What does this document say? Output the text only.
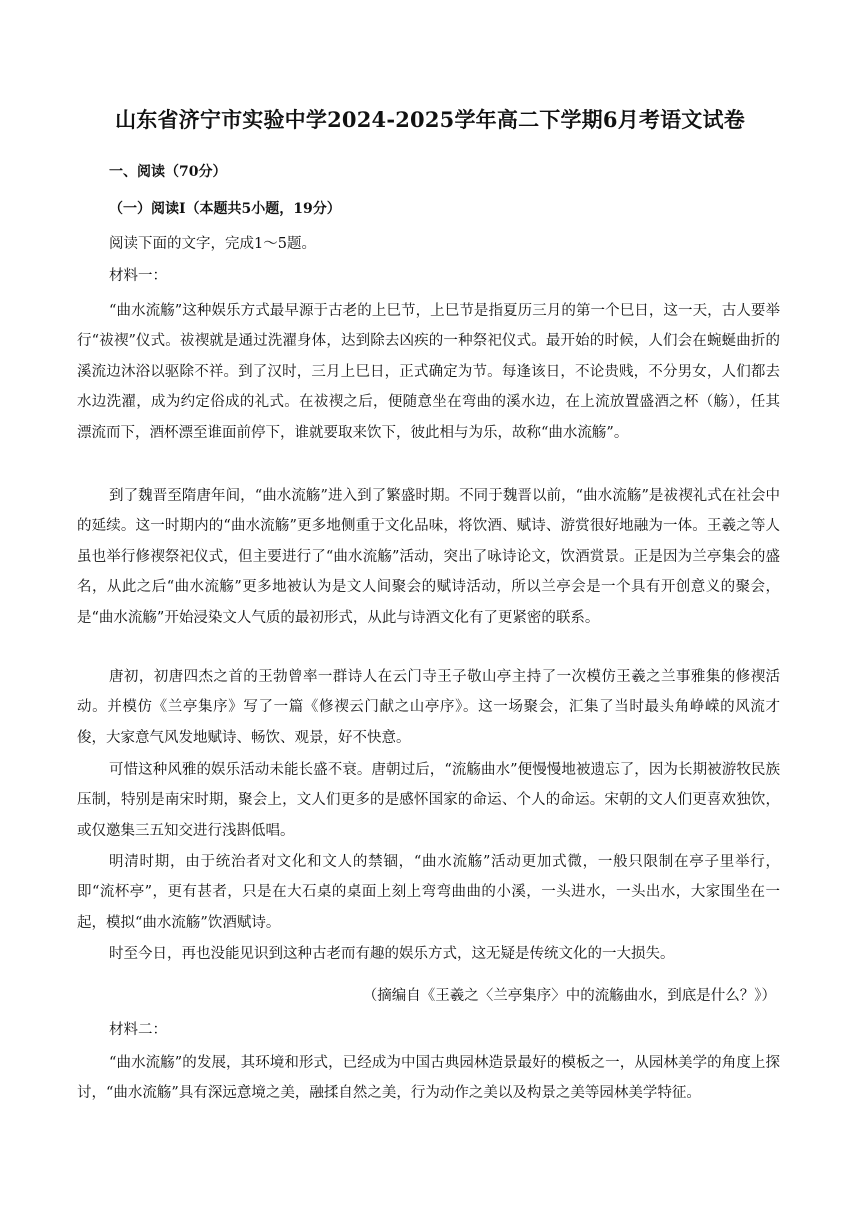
山东省济宁市实验中学2024-2025学年高二下学期6月考语文试卷
一、阅读（70分）
（一）阅读Ⅰ（本题共5小题，19分）
阅读下面的文字，完成1～5题。
材料一：

“曲水流觞”这种娱乐方式最早源于古老的上巳节，上巳节是指夏历三月的第一个巳日，这一天，古人要举行“祓禊”仪式。祓禊就是通过洗濯身体，达到除去凶疾的一种祭祀仪式。最开始的时候，人们会在蜿蜒曲折的溪流边沐浴以驱除不祥。到了汉时，三月上巳日，正式确定为节。每逢该日，不论贵贱，不分男女，人们都去水边洗濯，成为约定俗成的礼式。在祓禊之后，便随意坐在弯曲的溪水边，在上流放置盛酒之杯（觞），任其漂流而下，酒杯漂至谁面前停下，谁就要取来饮下，彼此相与为乐，故称“曲水流觞”。

到了魏晋至隋唐年间，“曲水流觞”进入到了繁盛时期。不同于魏晋以前，“曲水流觞”是祓禊礼式在社会中的延续。这一时期内的“曲水流觞”更多地侧重于文化品味，将饮酒、赋诗、游赏很好地融为一体。王羲之等人虽也举行修禊祭祀仪式，但主要进行了“曲水流觞”活动，突出了咏诗论文，饮酒赏景。正是因为兰亭集会的盛名，从此之后“曲水流觞”更多地被认为是文人间聚会的赋诗活动，所以兰亭会是一个具有开创意义的聚会，是“曲水流觞”开始浸染文人气质的最初形式，从此与诗酒文化有了更紧密的联系。

唐初，初唐四杰之首的王勃曾率一群诗人在云门寺王子敬山亭主持了一次模仿王羲之兰事雅集的修禊活动。并模仿《兰亭集序》写了一篇《修禊云门献之山亭序》。这一场聚会，汇集了当时最头角峥嵘的风流才俊，大家意气风发地赋诗、畅饮、观景，好不快意。

可惜这种风雅的娱乐活动未能长盛不衰。唐朝过后，“流觞曲水”便慢慢地被遗忘了，因为长期被游牧民族压制，特别是南宋时期，聚会上，文人们更多的是感怀国家的命运、个人的命运。宋朝的文人们更喜欢独饮，或仅邀集三五知交进行浅斟低唱。

明清时期，由于统治者对文化和文人的禁锢，“曲水流觞”活动更加式微，一般只限制在亭子里举行，即“流杯亭”，更有甚者，只是在大石桌的桌面上刻上弯弯曲曲的小溪，一头进水，一头出水，大家围坐在一起，模拟“曲水流觞”饮酒赋诗。

时至今日，再也没能见识到这种古老而有趣的娱乐方式，这无疑是传统文化的一大损失。

（摘编自《王羲之〈兰亭集序〉中的流觞曲水，到底是什么？》）
材料二：

“曲水流觞”的发展，其环境和形式，已经成为中国古典园林造景最好的模板之一，从园林美学的角度上探讨，“曲水流觞”具有深远意境之美，融揉自然之美，行为动作之美以及构景之美等园林美学特征。
